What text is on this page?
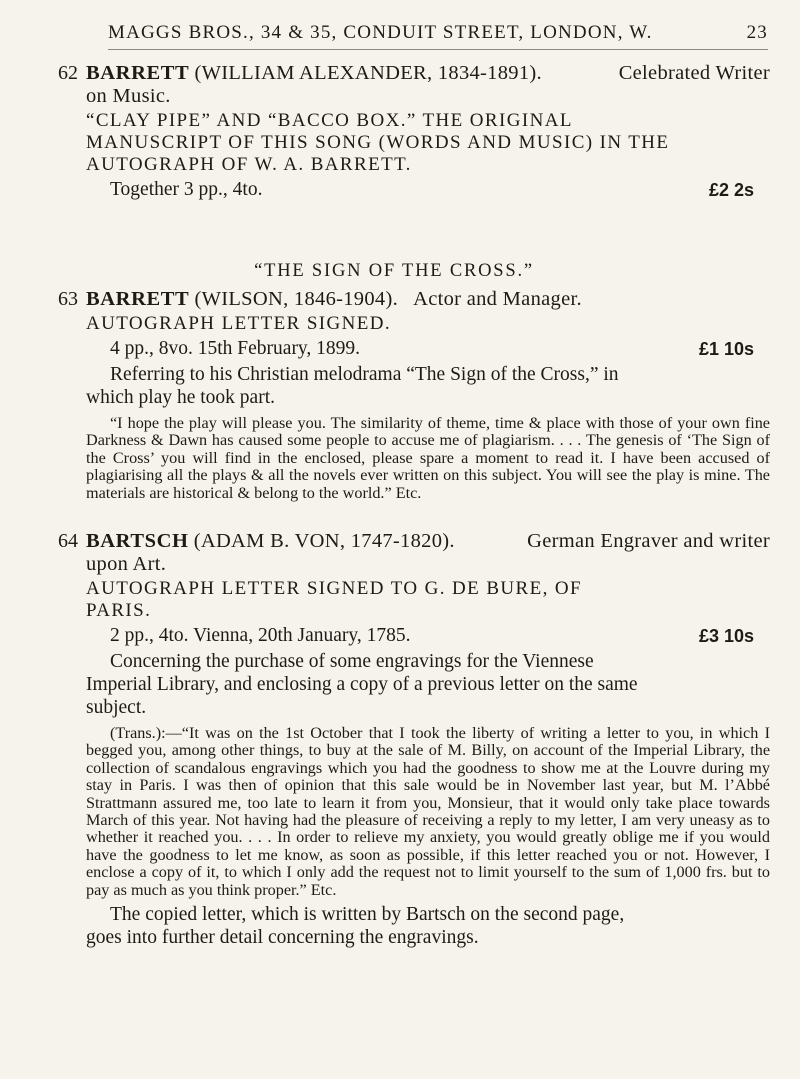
MAGGS BROS., 34 & 35, CONDUIT STREET, LONDON, W.	23
62 BARRETT (WILLIAM ALEXANDER, 1834-1891).	Celebrated Writer
on Music.
“CLAY PIPE” AND “BACCO BOX.” THE ORIGINAL
MANUSCRIPT OF THIS SONG (WORDS AND MUSIC) IN THE
AUTOGRAPH OF W. A. BARRETT.
Together 3 pp., 4to.	£2 2s
“THE SIGN OF THE CROSS.”
63 BARRETT (WILSON, 1846-1904). Actor and Manager.
AUTOGRAPH LETTER SIGNED.
4 pp., 8vo. 15th February, 1899.	£1 10s
Referring to his Christian melodrama “The Sign of the Cross,” in
which play he took part.
“I hope the play will please you. The similarity of theme, time & place with those of your own fine Darkness & Dawn has caused some people to accuse me of plagiarism. . . . The genesis of ‘The Sign of the Cross’ you will find in the enclosed, please spare a moment to read it. I have been accused of plagiarising all the plays & all the novels ever written on this subject. You will see the play is mine. The materials are historical & belong to the world.” Etc.
64 BARTSCH (ADAM B. VON, 1747-1820).	German Engraver and writer
upon Art.
AUTOGRAPH LETTER SIGNED TO G. DE BURE, OF
PARIS.
2 pp., 4to. Vienna, 20th January, 1785.	£3 10s
Concerning the purchase of some engravings for the Viennese
Imperial Library, and enclosing a copy of a previous letter on the same
subject.
(Trans.):—“It was on the 1st October that I took the liberty of writing a letter to you, in which I begged you, among other things, to buy at the sale of M. Billy, on account of the Imperial Library, the collection of scandalous engravings which you had the goodness to show me at the Louvre during my stay in Paris. I was then of opinion that this sale would be in November last year, but M. l’Abbé Strattmann assured me, too late to learn it from you, Monsieur, that it would only take place towards March of this year. Not having had the pleasure of receiving a reply to my letter, I am very uneasy as to whether it reached you. . . . In order to relieve my anxiety, you would greatly oblige me if you would have the goodness to let me know, as soon as possible, if this letter reached you or not. However, I enclose a copy of it, to which I only add the request not to limit yourself to the sum of 1,000 frs. but to pay as much as you think proper.” Etc.
The copied letter, which is written by Bartsch on the second page,
goes into further detail concerning the engravings.
